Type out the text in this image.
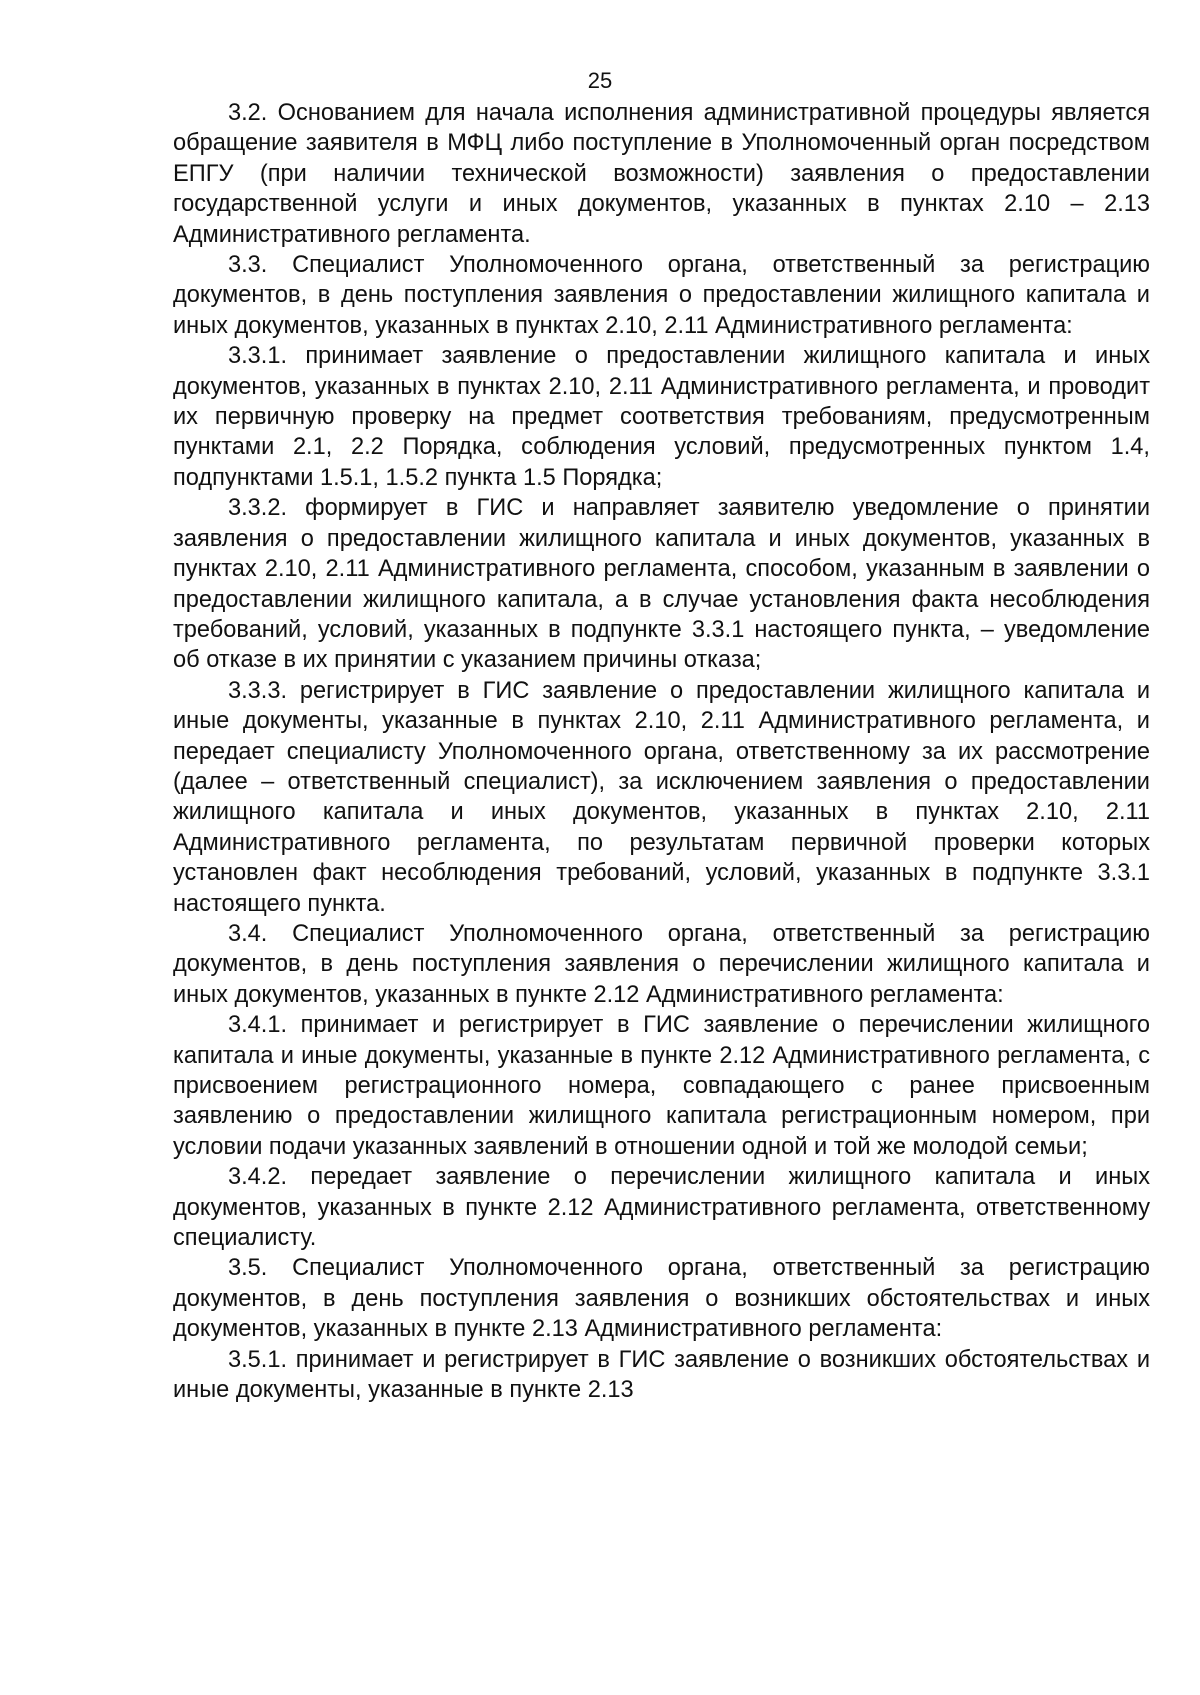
25

3.2. Основанием для начала исполнения административной процедуры является обращение заявителя в МФЦ либо поступление в Уполномоченный орган посредством ЕПГУ (при наличии технической возможности) заявления о предоставлении государственной услуги и иных документов, указанных в пунктах 2.10 – 2.13 Административного регламента.

3.3. Специалист Уполномоченного органа, ответственный за регистрацию документов, в день поступления заявления о предоставлении жилищного капитала и иных документов, указанных в пунктах 2.10, 2.11 Административного регламента:

3.3.1. принимает заявление о предоставлении жилищного капитала и иных документов, указанных в пунктах 2.10, 2.11 Административного регламента, и проводит их первичную проверку на предмет соответствия требованиям, предусмотренным пунктами 2.1, 2.2 Порядка, соблюдения условий, предусмотренных пунктом 1.4, подпунктами 1.5.1, 1.5.2 пункта 1.5 Порядка;

3.3.2. формирует в ГИС и направляет заявителю уведомление о принятии заявления о предоставлении жилищного капитала и иных документов, указанных в пунктах 2.10, 2.11 Административного регламента, способом, указанным в заявлении о предоставлении жилищного капитала, а в случае установления факта несоблюдения требований, условий, указанных в подпункте 3.3.1 настоящего пункта, – уведомление об отказе в их принятии с указанием причины отказа;

3.3.3. регистрирует в ГИС заявление о предоставлении жилищного капитала и иные документы, указанные в пунктах 2.10, 2.11 Административного регламента, и передает специалисту Уполномоченного органа, ответственному за их рассмотрение (далее – ответственный специалист), за исключением заявления о предоставлении жилищного капитала и иных документов, указанных в пунктах 2.10, 2.11 Административного регламента, по результатам первичной проверки которых установлен факт несоблюдения требований, условий, указанных в подпункте 3.3.1 настоящего пункта.

3.4. Специалист Уполномоченного органа, ответственный за регистрацию документов, в день поступления заявления о перечислении жилищного капитала и иных документов, указанных в пункте 2.12 Административного регламента:

3.4.1. принимает и регистрирует в ГИС заявление о перечислении жилищного капитала и иные документы, указанные в пункте 2.12 Административного регламента, с присвоением регистрационного номера, совпадающего с ранее присвоенным заявлению о предоставлении жилищного капитала регистрационным номером, при условии подачи указанных заявлений в отношении одной и той же молодой семьи;

3.4.2. передает заявление о перечислении жилищного капитала и иных документов, указанных в пункте 2.12 Административного регламента, ответственному специалисту.

3.5. Специалист Уполномоченного органа, ответственный за регистрацию документов, в день поступления заявления о возникших обстоятельствах и иных документов, указанных в пункте 2.13 Административного регламента:

3.5.1. принимает и регистрирует в ГИС заявление о возникших обстоятельствах и иные документы, указанные в пункте 2.13
